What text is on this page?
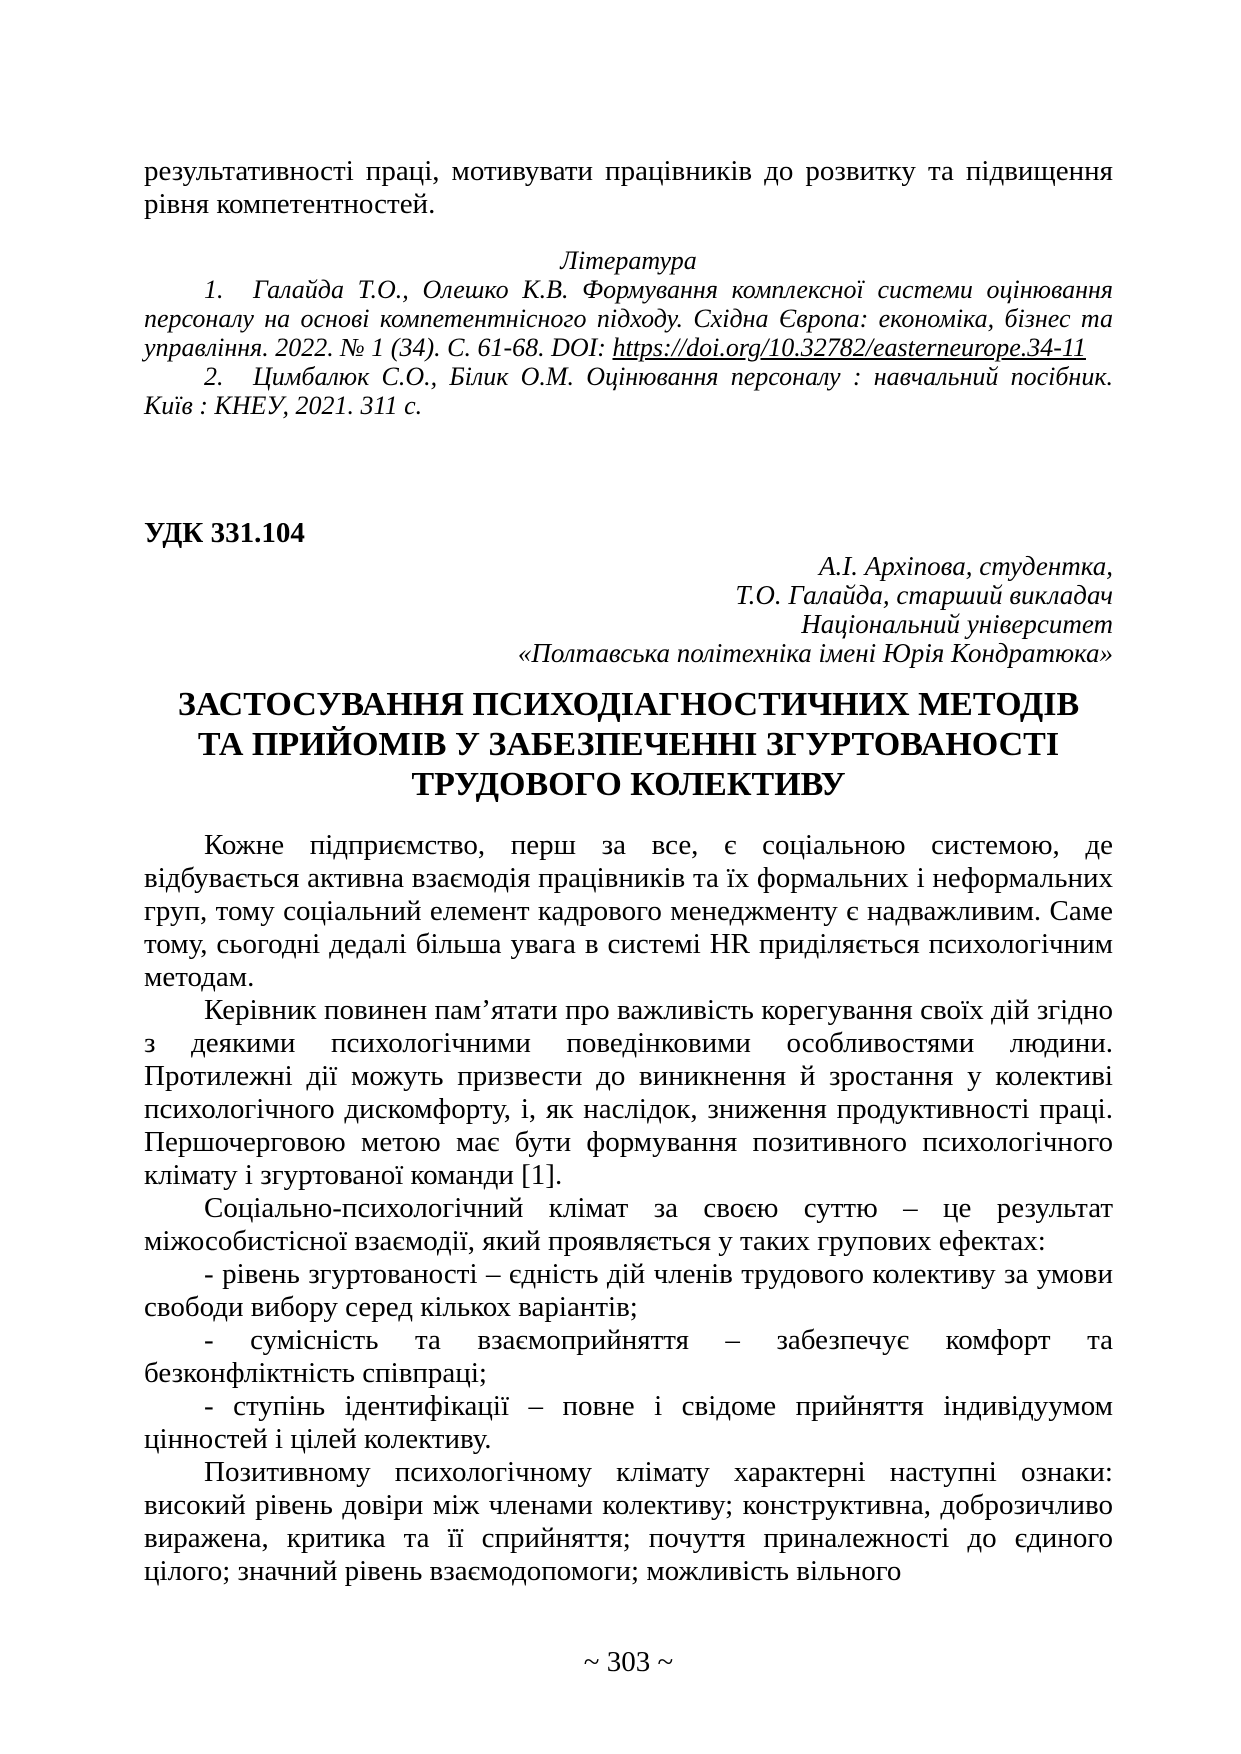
результативності праці, мотивувати працівників до розвитку та підвищення рівня компетентностей.

Література

1. Галайда Т.О., Олешко К.В. Формування комплексної системи оцінювання персоналу на основі компетентнісного підходу. Східна Європа: економіка, бізнес та управління. 2022. № 1 (34). С. 61-68. DOI: https://doi.org/10.32782/easterneurope.34-11

2. Цимбалюк С.О., Білик О.М. Оцінювання персоналу : навчальний посібник. Київ : КНЕУ, 2021. 311 с.

УДК 331.104
А.І. Архіпова, студентка,
Т.О. Галайда, старший викладач
Національний університет
«Полтавська політехніка імені Юрія Кондратюка»
ЗАСТОСУВАННЯ ПСИХОДІАГНОСТИЧНИХ МЕТОДІВ
ТА ПРИЙОМІВ У ЗАБЕЗПЕЧЕННІ ЗГУРТОВАНОСТІ
ТРУДОВОГО КОЛЕКТИВУ

Кожне підприємство, перш за все, є соціальною системою, де відбувається активна взаємодія працівників та їх формальних і неформальних груп, тому соціальний елемент кадрового менеджменту є надважливим. Саме тому, сьогодні дедалі більша увага в системі HR приділяється психологічним методам.

Керівник повинен пам’ятати про важливість корегування своїх дій згідно з деякими психологічними поведінковими особливостями людини. Протилежні дії можуть призвести до виникнення й зростання у колективі психологічного дискомфорту, і, як наслідок, зниження продуктивності праці. Першочерговою метою має бути формування позитивного психологічного клімату і згуртованої команди [1].

Соціально-психологічний клімат за своєю суттю – це результат міжособистісної взаємодії, який проявляється у таких групових ефектах:

- рівень згуртованості – єдність дій членів трудового колективу за умови свободи вибору серед кількох варіантів;

- сумісність та взаємоприйняття – забезпечує комфорт та безконфліктність співпраці;

- ступінь ідентифікації – повне і свідоме прийняття індивідуумом цінностей і цілей колективу.

Позитивному психологічному клімату характерні наступні ознаки: високий рівень довіри між членами колективу; конструктивна, доброзичливо виражена, критика та її сприйняття; почуття приналежності до єдиного цілого; значний рівень взаємодопомоги; можливість вільного

~ 303 ~
